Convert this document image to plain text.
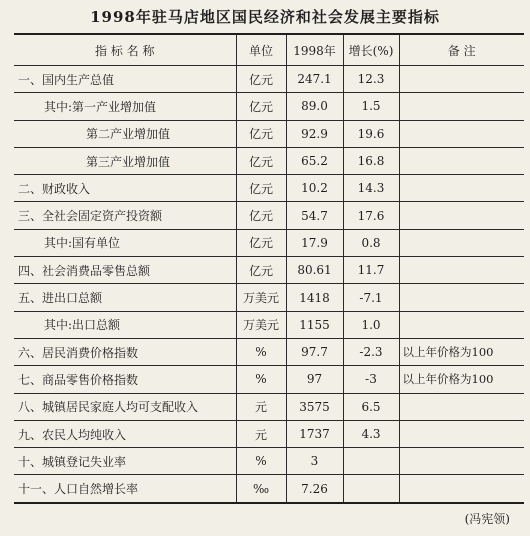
1998年驻马店地区国民经济和社会发展主要指标
指 标 名 称	单位	1998年	增长(%)	备 注
一、国内生产总值	亿元	247.1	12.3	
其中:第一产业增加值	亿元	89.0	1.5	
第二产业增加值	亿元	92.9	19.6	
第三产业增加值	亿元	65.2	16.8	
二、财政收入	亿元	10.2	14.3	
三、全社会固定资产投资额	亿元	54.7	17.6	
其中:国有单位	亿元	17.9	0.8	
四、社会消费品零售总额	亿元	80.61	11.7	
五、进出口总额	万美元	1418	-7.1	
其中:出口总额	万美元	1155	1.0	
六、居民消费价格指数	%	97.7	-2.3	以上年价格为100
七、商品零售价格指数	%	97	-3	以上年价格为100
八、城镇居民家庭人均可支配收入	元	3575	6.5	
九、农民人均纯收入	元	1737	4.3	
十、城镇登记失业率	%	3		
十一、人口自然增长率	‰	7.26		
(冯宪领)
